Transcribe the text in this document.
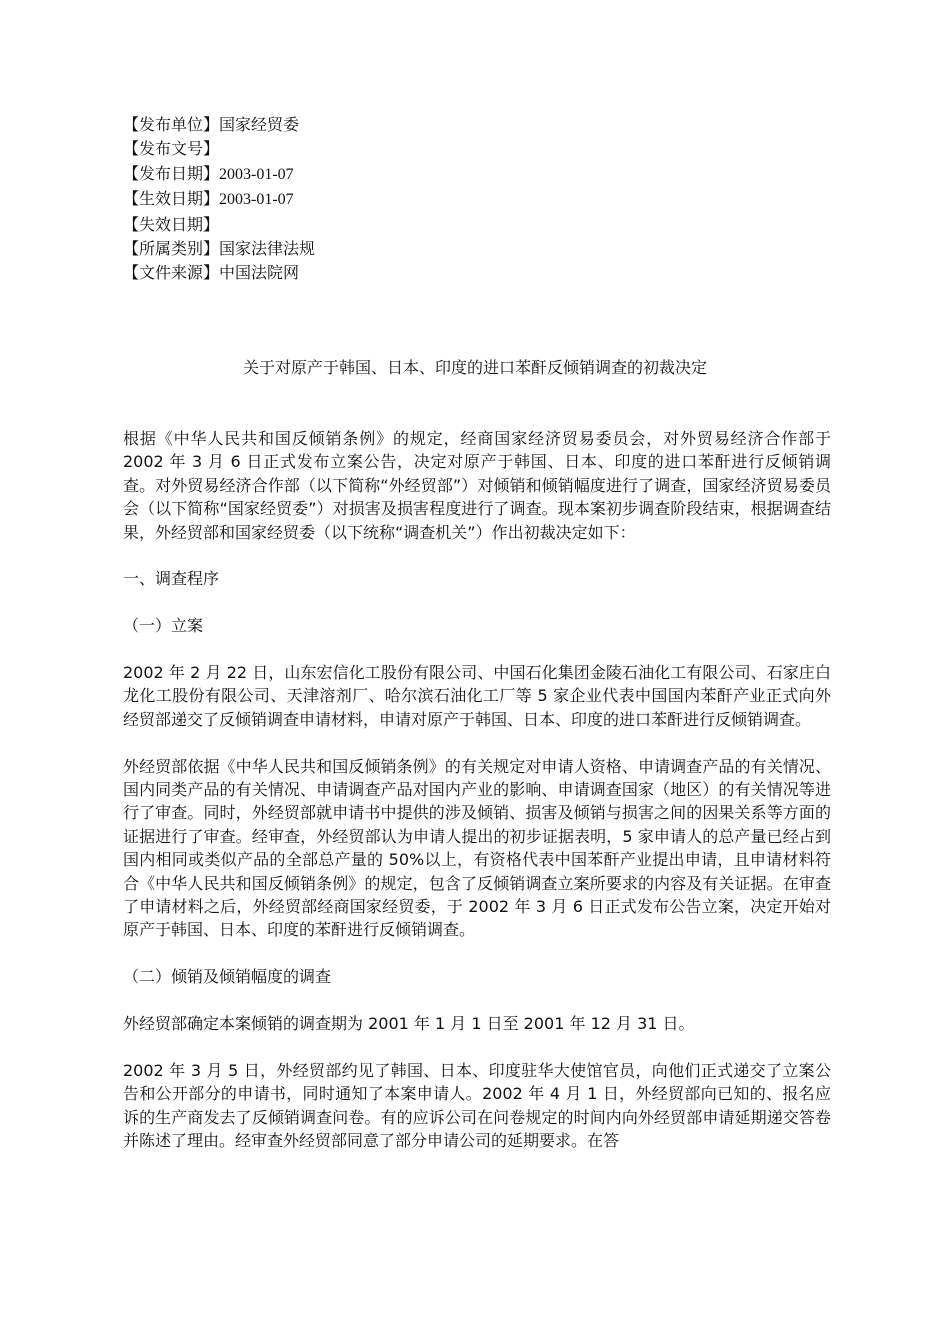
【发布单位】国家经贸委
【发布文号】
【发布日期】2003-01-07
【生效日期】2003-01-07
【失效日期】
【所属类别】国家法律法规
【文件来源】中国法院网
关于对原产于韩国、日本、印度的进口苯酐反倾销调查的初裁决定

根据《中华人民共和国反倾销条例》的规定，经商国家经济贸易委员会，对外贸易经济合作部于 2002 年 3 月 6 日正式发布立案公告，决定对原产于韩国、日本、印度的进口苯酐进行反倾销调查。对外贸易经济合作部（以下简称“外经贸部”）对倾销和倾销幅度进行了调查，国家经济贸易委员会（以下简称“国家经贸委”）对损害及损害程度进行了调查。现本案初步调查阶段结束，根据调查结果，外经贸部和国家经贸委（以下统称“调查机关”）作出初裁决定如下：

一、调查程序

（一）立案

2002 年 2 月 22 日，山东宏信化工股份有限公司、中国石化集团金陵石油化工有限公司、石家庄白龙化工股份有限公司、天津溶剂厂、哈尔滨石油化工厂等 5 家企业代表中国国内苯酐产业正式向外经贸部递交了反倾销调查申请材料，申请对原产于韩国、日本、印度的进口苯酐进行反倾销调查。

外经贸部依据《中华人民共和国反倾销条例》的有关规定对申请人资格、申请调查产品的有关情况、国内同类产品的有关情况、申请调查产品对国内产业的影响、申请调查国家（地区）的有关情况等进行了审查。同时，外经贸部就申请书中提供的涉及倾销、损害及倾销与损害之间的因果关系等方面的证据进行了审查。经审查，外经贸部认为申请人提出的初步证据表明，5 家申请人的总产量已经占到国内相同或类似产品的全部总产量的 50%以上，有资格代表中国苯酐产业提出申请，且申请材料符合《中华人民共和国反倾销条例》的规定，包含了反倾销调查立案所要求的内容及有关证据。在审查了申请材料之后，外经贸部经商国家经贸委，于 2002 年 3 月 6 日正式发布公告立案，决定开始对原产于韩国、日本、印度的苯酐进行反倾销调查。

（二）倾销及倾销幅度的调查

外经贸部确定本案倾销的调查期为 2001 年 1 月 1 日至 2001 年 12 月 31 日。

2002 年 3 月 5 日，外经贸部约见了韩国、日本、印度驻华大使馆官员，向他们正式递交了立案公告和公开部分的申请书，同时通知了本案申请人。2002 年 4 月 1 日，外经贸部向已知的、报名应诉的生产商发去了反倾销调查问卷。有的应诉公司在问卷规定的时间内向外经贸部申请延期递交答卷并陈述了理由。经审查外经贸部同意了部分申请公司的延期要求。在答
